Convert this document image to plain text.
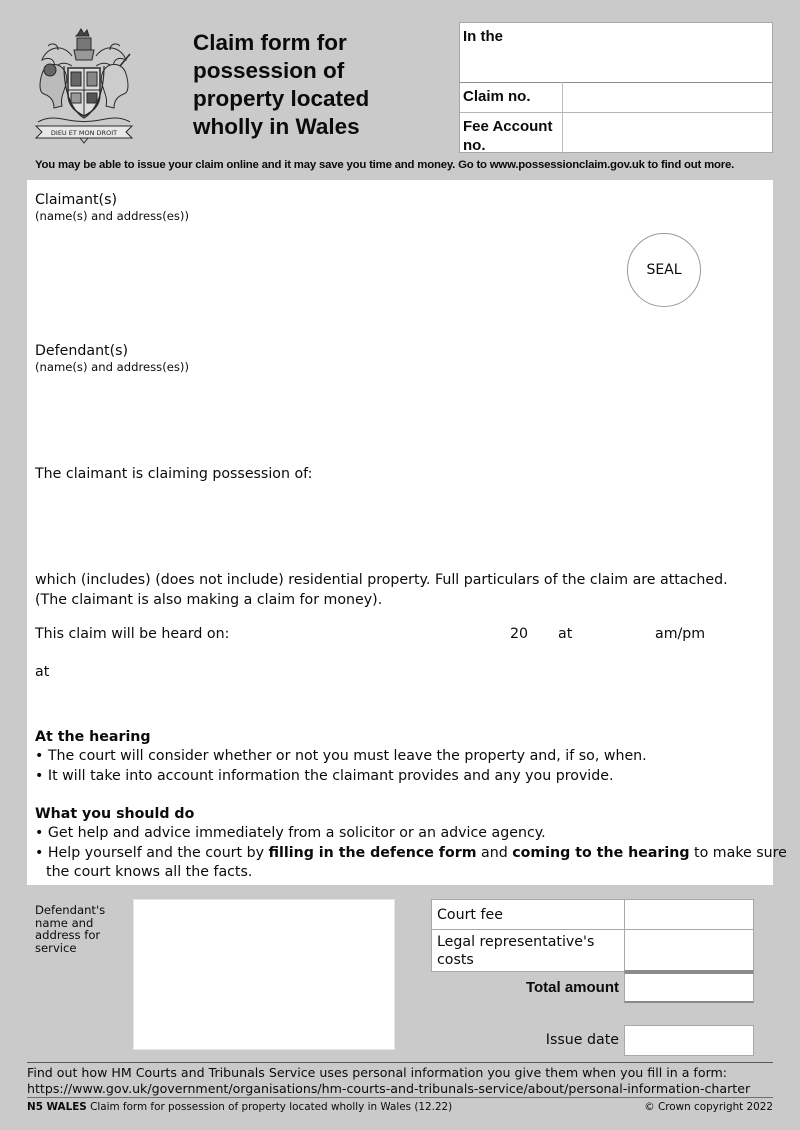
DIEU ET MON DROIT
Claim form for
possession of
property located
wholly in Wales
In the
Claim no.
Fee Account
no.
You may be able to issue your claim online and it may save you time and money. Go to www.possessionclaim.gov.uk to find out more.
Claimant(s)
(name(s) and address(es))
SEAL
Defendant(s)
(name(s) and address(es))
The claimant is claiming possession of:
which (includes) (does not include) residential property. Full particulars of the claim are attached.
(The claimant is also making a claim for money).
This claim will be heard on:	20 at	am/pm
at
At the hearing
• The court will consider whether or not you must leave the property and, if so, when.
• It will take into account information the claimant provides and any you provide.
What you should do
• Get help and advice immediately from a solicitor or an advice agency.
• Help yourself and the court by filling in the defence form and coming to the hearing to make sure
the court knows all the facts.
Defendant's
name and
address for
service
Court fee
Legal representative's
costs
Total amount
Issue date
Find out how HM Courts and Tribunals Service uses personal information you give them when you fill in a form:
https://www.gov.uk/government/organisations/hm-courts-and-tribunals-service/about/personal-information-charter
N5 WALES Claim form for possession of property located wholly in Wales (12.22)	© Crown copyright 2022
